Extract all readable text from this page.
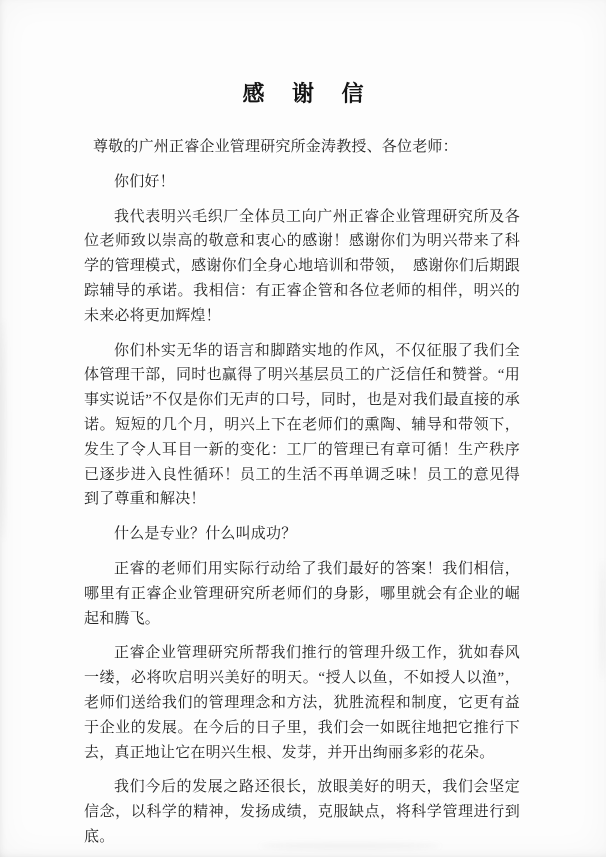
感 谢 信

尊敬的广州正睿企业管理研究所金涛教授、各位老师：

你们好！

我代表明兴毛织厂全体员工向广州正睿企业管理研究所及各位老师致以崇高的敬意和衷心的感谢！感谢你们为明兴带来了科学的管理模式，感谢你们全身心地培训和带领，　感谢你们后期跟踪辅导的承诺。我相信：有正睿企管和各位老师的相伴，明兴的未来必将更加辉煌！

你们朴实无华的语言和脚踏实地的作风，不仅征服了我们全体管理干部，同时也赢得了明兴基层员工的广泛信任和赞誉。“用事实说话”不仅是你们无声的口号，同时，也是对我们最直接的承诺。短短的几个月，明兴上下在老师们的熏陶、辅导和带领下，发生了令人耳目一新的变化：工厂的管理已有章可循！生产秩序已逐步进入良性循环！员工的生活不再单调乏味！员工的意见得到了尊重和解决！

什么是专业？什么叫成功？

正睿的老师们用实际行动给了我们最好的答案！我们相信，哪里有正睿企业管理研究所老师们的身影，哪里就会有企业的崛起和腾飞。

正睿企业管理研究所帮我们推行的管理升级工作，犹如春风一缕，必将吹启明兴美好的明天。“授人以鱼，不如授人以渔”，老师们送给我们的管理理念和方法，犹胜流程和制度，它更有益于企业的发展。在今后的日子里，我们会一如既往地把它推行下去，真正地让它在明兴生根、发芽，并开出绚丽多彩的花朵。

我们今后的发展之路还很长，放眼美好的明天，我们会坚定信念，以科学的精神，发扬成绩，克服缺点，将科学管理进行到底。
